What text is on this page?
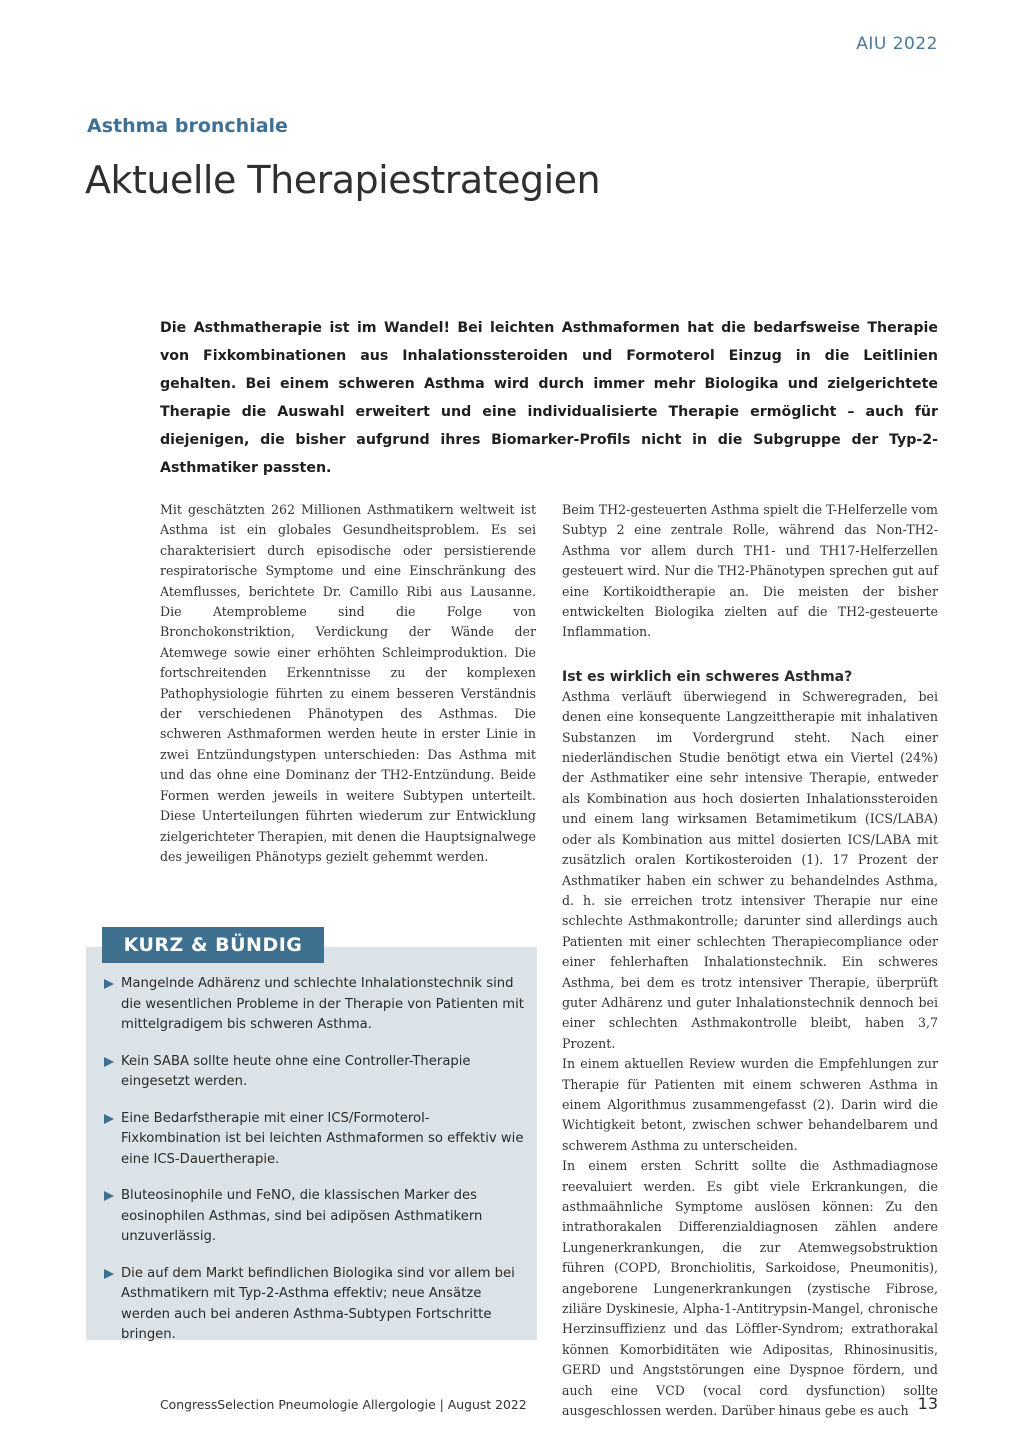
AIU 2022
Asthma bronchiale
Aktuelle Therapiestrategien

Die Asthmatherapie ist im Wandel! Bei leichten Asthmaformen hat die bedarfsweise Therapie von Fixkombinationen aus Inhalationssteroiden und Formoterol Einzug in die Leitlinien gehalten. Bei einem schweren Asthma wird durch immer mehr Biologika und zielgerichtete Therapie die Auswahl erweitert und eine individualisierte Therapie ermöglicht – auch für diejenigen, die bisher aufgrund ihres Biomarker-Profils nicht in die Subgruppe der Typ-2-Asthmatiker passten.

Mit geschätzten 262 Millionen Asthmatikern weltweit ist Asthma ist ein globales Gesundheitsproblem. Es sei charakterisiert durch episodische oder persistierende respiratorische Symptome und eine Einschränkung des Atemflusses, berichtete Dr. Camillo Ribi aus Lausanne. Die Atemprobleme sind die Folge von Bronchokonstriktion, Verdickung der Wände der Atemwege sowie einer erhöhten Schleimproduktion. Die fortschreitenden Erkenntnisse zu der komplexen Pathophysiologie führten zu einem besseren Verständnis der verschiedenen Phänotypen des Asthmas. Die schweren Asthmaformen werden heute in erster Linie in zwei Entzündungstypen unterschieden: Das Asthma mit und das ohne eine Dominanz der TH2-Entzündung. Beide Formen werden jeweils in weitere Subtypen unterteilt. Diese Unterteilungen führten wiederum zur Entwicklung zielgerichteter Therapien, mit denen die Hauptsignalwege des jeweiligen Phänotyps gezielt gehemmt werden.

Beim TH2-gesteuerten Asthma spielt die T-Helferzelle vom Subtyp 2 eine zentrale Rolle, während das Non-TH2-Asthma vor allem durch TH1- und TH17-Helferzellen gesteuert wird. Nur die TH2-Phänotypen sprechen gut auf eine Kortikoidtherapie an. Die meisten der bisher entwickelten Biologika zielten auf die TH2-gesteuerte Inflammation.

Ist es wirklich ein schweres Asthma?

Asthma verläuft überwiegend in Schweregraden, bei denen eine konsequente Langzeittherapie mit inhalativen Substanzen im Vordergrund steht. Nach einer niederländischen Studie benötigt etwa ein Viertel (24%) der Asthmatiker eine sehr intensive Therapie, entweder als Kombination aus hoch dosierten Inhalationssteroiden und einem lang wirksamen Betamimetikum (ICS/LABA) oder als Kombination aus mittel dosierten ICS/LABA mit zusätzlich oralen Kortikosteroiden (1). 17 Prozent der Asthmatiker haben ein schwer zu behandelndes Asthma, d. h. sie erreichen trotz intensiver Therapie nur eine schlechte Asthmakontrolle; darunter sind allerdings auch Patienten mit einer schlechten Therapiecompliance oder einer fehlerhaften Inhalationstechnik. Ein schweres Asthma, bei dem es trotz intensiver Therapie, überprüft guter Adhärenz und guter Inhalationstechnik dennoch bei einer schlechten Asthmakontrolle bleibt, haben 3,7 Prozent.

In einem aktuellen Review wurden die Empfehlungen zur Therapie für Patienten mit einem schweren Asthma in einem Algorithmus zusammengefasst (2). Darin wird die Wichtigkeit betont, zwischen schwer behandelbarem und schwerem Asthma zu unterscheiden.

In einem ersten Schritt sollte die Asthmadiagnose reevaluiert werden. Es gibt viele Erkrankungen, die asthmaähnliche Symptome auslösen können: Zu den intrathorakalen Differenzialdiagnosen zählen andere Lungenerkrankungen, die zur Atemwegsobstruktion führen (COPD, Bronchiolitis, Sarkoidose, Pneumonitis), angeborene Lungenerkrankungen (zystische Fibrose, ziliäre Dyskinesie, Alpha-1-Antitrypsin-Mangel, chronische Herzinsuffizienz und das Löffler-Syndrom; extrathorakal können Komorbiditäten wie Adipositas, Rhinosinusitis, GERD und Angststörungen eine Dyspnoe fördern, und auch eine VCD (vocal cord dysfunction) sollte ausgeschlossen werden. Darüber hinaus gebe es auch

KURZ & BÜNDIG
Mangelnde Adhärenz und schlechte Inhalationstechnik sind die wesentlichen Probleme in der Therapie von Patienten mit mittelgradigem bis schweren Asthma.
Kein SABA sollte heute ohne eine Controller-Therapie eingesetzt werden.
Eine Bedarfstherapie mit einer ICS/Formoterol-Fixkombination ist bei leichten Asthmaformen so effektiv wie eine ICS-Dauertherapie.
Bluteosinophile und FeNO, die klassischen Marker des eosinophilen Asthmas, sind bei adipösen Asthmatikern unzuverlässig.
Die auf dem Markt befindlichen Biologika sind vor allem bei Asthmatikern mit Typ-2-Asthma effektiv; neue Ansätze werden auch bei anderen Asthma-Subtypen Fortschritte bringen.
CongressSelection Pneumologie Allergologie | August 2022	13
